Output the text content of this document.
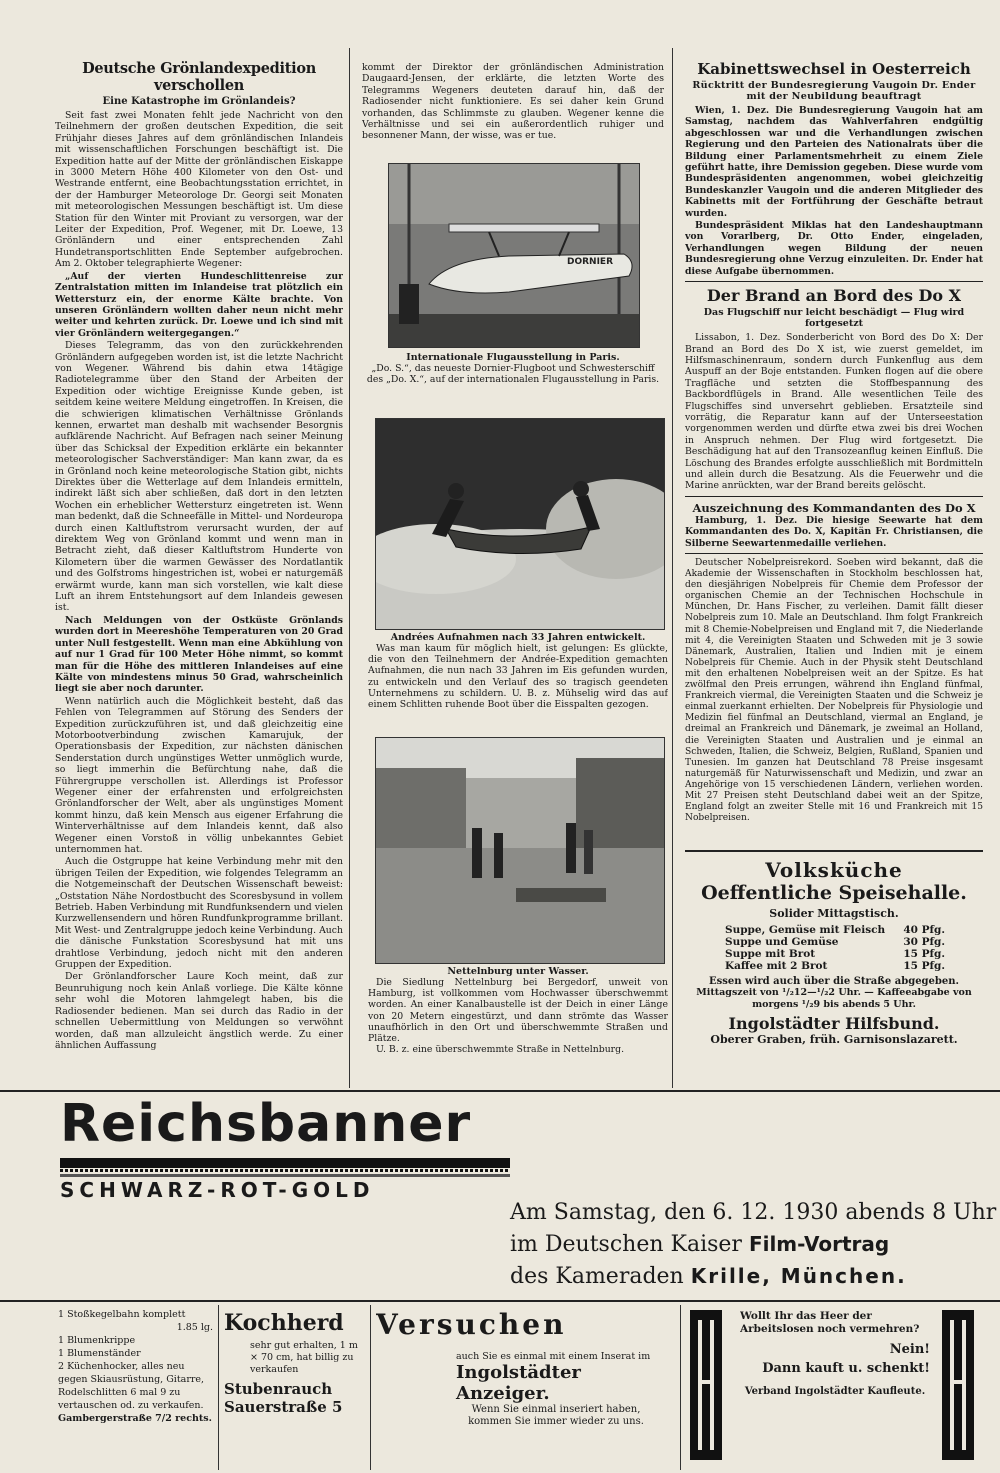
Deutsche Grönlandexpedition verschollen
Eine Katastrophe im Grönlandeis?

Seit fast zwei Monaten fehlt jede Nachricht von den Teilnehmern der großen deutschen Expedition, die seit Frühjahr dieses Jahres auf dem grönländischen Inlandeis mit wissenschaftlichen Forschungen beschäftigt ist. Die Expedition hatte auf der Mitte der grönländischen Eiskappe in 3000 Metern Höhe 400 Kilometer von den Ost- und Westrande entfernt, eine Beobachtungsstation errichtet, in der der Hamburger Meteorologe Dr. Georgi seit Monaten mit meteorologischen Messungen beschäftigt ist. Um diese Station für den Winter mit Proviant zu versorgen, war der Leiter der Expedition, Prof. Wegener, mit Dr. Loewe, 13 Grönländern und einer entsprechenden Zahl Hundetransportschlitten Ende September aufgebrochen. Am 2. Oktober telegraphierte Wegener:

„Auf der vierten Hundeschlittenreise zur Zentralstation mitten im Inlandeise trat plötzlich ein Wettersturz ein, der enorme Kälte brachte. Von unseren Grönländern wollten daher neun nicht mehr weiter und kehrten zurück. Dr. Loewe und ich sind mit vier Grönländern weitergegangen.“

Dieses Telegramm, das von den zurückkehrenden Grönländern aufgegeben worden ist, ist die letzte Nachricht von Wegener. Während bis dahin etwa 14tägige Radiotelegramme über den Stand der Arbeiten der Expedition oder wichtige Ereignisse Kunde geben, ist seitdem keine weitere Meldung eingetroffen. In Kreisen, die die schwierigen klimatischen Verhältnisse Grönlands kennen, erwartet man deshalb mit wachsender Besorgnis aufklärende Nachricht. Auf Befragen nach seiner Meinung über das Schicksal der Expedition erklärte ein bekannter meteorologischer Sachverständiger: Man kann zwar, da es in Grönland noch keine meteorologische Station gibt, nichts Direktes über die Wetterlage auf dem Inlandeis ermitteln, indirekt läßt sich aber schließen, daß dort in den letzten Wochen ein erheblicher Wettersturz eingetreten ist. Wenn man bedenkt, daß die Schneefälle in Mittel- und Nordeuropa durch einen Kaltluftstrom verursacht wurden, der auf direktem Weg von Grönland kommt und wenn man in Betracht zieht, daß dieser Kaltluftstrom Hunderte von Kilometern über die warmen Gewässer des Nordatlantik und des Golfstroms hingestrichen ist, wobei er naturgemäß erwärmt wurde, kann man sich vorstellen, wie kalt diese Luft an ihrem Entstehungsort auf dem Inlandeis gewesen ist.

Nach Meldungen von der Ostküste Grönlands wurden dort in Meereshöhe Temperaturen von 20 Grad unter Null festgestellt. Wenn man eine Abkühlung von auf nur 1 Grad für 100 Meter Höhe nimmt, so kommt man für die Höhe des mittleren Inlandeises auf eine Kälte von mindestens minus 50 Grad, wahrscheinlich liegt sie aber noch darunter.

Wenn natürlich auch die Möglichkeit besteht, daß das Fehlen von Telegrammen auf Störung des Senders der Expedition zurückzuführen ist, und daß gleichzeitig eine Motorbootverbindung zwischen Kamarujuk, der Operationsbasis der Expedition, zur nächsten dänischen Senderstation durch ungünstiges Wetter unmöglich wurde, so liegt immerhin die Befürchtung nahe, daß die Führergruppe verschollen ist. Allerdings ist Professor Wegener einer der erfahrensten und erfolgreichsten Grönlandforscher der Welt, aber als ungünstiges Moment kommt hinzu, daß kein Mensch aus eigener Erfahrung die Winterverhältnisse auf dem Inlandeis kennt, daß also Wegener einen Vorstoß in völlig unbekanntes Gebiet unternommen hat.

Auch die Ostgruppe hat keine Verbindung mehr mit den übrigen Teilen der Expedition, wie folgendes Telegramm an die Notgemeinschaft der Deutschen Wissenschaft beweist: „Oststation Nähe Nordostbucht des Scoresbysund in vollem Betrieb. Haben Verbindung mit Rundfunksendern und vielen Kurzwellensendern und hören Rundfunkprogramme brillant. Mit West- und Zentralgruppe jedoch keine Verbindung. Auch die dänische Funkstation Scoresbysund hat mit uns drahtlose Verbindung, jedoch nicht mit den anderen Gruppen der Expedition.

Der Grönlandforscher Laure Koch meint, daß zur Beunruhigung noch kein Anlaß vorliege. Die Kälte könne sehr wohl die Motoren lahmgelegt haben, bis die Radiosender bedienen. Man sei durch das Radio in der schnellen Uebermittlung von Meldungen so verwöhnt worden, daß man allzuleicht ängstlich werde. Zu einer ähnlichen Auffassung

kommt der Direktor der grönländischen Administration Daugaard-Jensen, der erklärte, die letzten Worte des Telegramms Wegeners deuteten darauf hin, daß der Radiosender nicht funktioniere. Es sei daher kein Grund vorhanden, das Schlimmste zu glauben. Wegener kenne die Verhältnisse und sei ein außerordentlich ruhiger und besonnener Mann, der wisse, was er tue.

DORNIER
Internationale Flugausstellung in Paris.

„Do. S.“, das neueste Dornier-Flugboot und Schwesterschiff des „Do. X.“, auf der internationalen Flugausstellung in Paris.

Andrées Aufnahmen nach 33 Jahren entwickelt.

Was man kaum für möglich hielt, ist gelungen: Es glückte, die von den Teilnehmern der Andrée-Expedition gemachten Aufnahmen, die nun nach 33 Jahren im Eis gefunden wurden, zu entwickeln und den Verlauf des so tragisch geendeten Unternehmens zu schildern. U. B. z. Mühselig wird das auf einem Schlitten ruhende Boot über die Eisspalten gezogen.

Nettelnburg unter Wasser.

Die Siedlung Nettelnburg bei Bergedorf, unweit von Hamburg, ist vollkommen vom Hochwasser überschwemmt worden. An einer Kanalbaustelle ist der Deich in einer Länge von 20 Metern eingestürzt, und dann strömte das Wasser unaufhörlich in den Ort und überschwemmte Straßen und Plätze.

U. B. z. eine überschwemmte Straße in Nettelnburg.

Kabinettswechsel in Oesterreich
Rücktritt der Bundesregierung Vaugoin Dr. Ender mit der Neubildung beauftragt

Wien, 1. Dez. Die Bundesregierung Vaugoin hat am Samstag, nachdem das Wahlverfahren endgültig abgeschlossen war und die Verhandlungen zwischen Regierung und den Parteien des Nationalrats über die Bildung einer Parlamentsmehrheit zu einem Ziele geführt hatte, ihre Demission gegeben. Diese wurde vom Bundespräsidenten angenommen, wobei gleichzeitig Bundeskanzler Vaugoin und die anderen Mitglieder des Kabinetts mit der Fortführung der Geschäfte betraut wurden.

Bundespräsident Miklas hat den Landeshauptmann von Vorarlberg, Dr. Otto Ender, eingeladen, Verhandlungen wegen Bildung der neuen Bundesregierung ohne Verzug einzuleiten. Dr. Ender hat diese Aufgabe übernommen.

Der Brand an Bord des Do X
Das Flugschiff nur leicht beschädigt — Flug wird fortgesetzt

Lissabon, 1. Dez. Sonderbericht von Bord des Do X: Der Brand an Bord des Do X ist, wie zuerst gemeldet, im Hilfsmaschinenraum, sondern durch Funkenflug aus dem Auspuff an der Boje entstanden. Funken flogen auf die obere Tragfläche und setzten die Stoffbespannung des Backbordflügels in Brand. Alle wesentlichen Teile des Flugschiffes sind unversehrt geblieben. Ersatzteile sind vorrätig, die Reparatur kann auf der Unterseestation vorgenommen werden und dürfte etwa zwei bis drei Wochen in Anspruch nehmen. Der Flug wird fortgesetzt. Die Beschädigung hat auf den Transozeanflug keinen Einfluß. Die Löschung des Brandes erfolgte ausschließlich mit Bordmitteln und allein durch die Besatzung. Als die Feuerwehr und die Marine anrückten, war der Brand bereits gelöscht.

Auszeichnung des Kommandanten des Do X

Hamburg, 1. Dez. Die hiesige Seewarte hat dem Kommandanten des Do. X, Kapitän Fr. Christiansen, die Silberne Seewartenmedaille verliehen.

Deutscher Nobelpreisrekord. Soeben wird bekannt, daß die Akademie der Wissenschaften in Stockholm beschlossen hat, den diesjährigen Nobelpreis für Chemie dem Professor der organischen Chemie an der Technischen Hochschule in München, Dr. Hans Fischer, zu verleihen. Damit fällt dieser Nobelpreis zum 10. Male an Deutschland. Ihm folgt Frankreich mit 8 Chemie-Nobelpreisen und England mit 7, die Niederlande mit 4, die Vereinigten Staaten und Schweden mit je 3 sowie Dänemark, Australien, Italien und Indien mit je einem Nobelpreis für Chemie. Auch in der Physik steht Deutschland mit den erhaltenen Nobelpreisen weit an der Spitze. Es hat zwölfmal den Preis errungen, während ihn England fünfmal, Frankreich viermal, die Vereinigten Staaten und die Schweiz je einmal zuerkannt erhielten. Der Nobelpreis für Physiologie und Medizin fiel fünfmal an Deutschland, viermal an England, je dreimal an Frankreich und Dänemark, je zweimal an Holland, die Vereinigten Staaten und Australien und je einmal an Schweden, Italien, die Schweiz, Belgien, Rußland, Spanien und Tunesien. Im ganzen hat Deutschland 78 Preise insgesamt naturgemäß für Naturwissenschaft und Medizin, und zwar an Angehörige von 15 verschiedenen Ländern, verliehen worden. Mit 27 Preisen steht Deutschland dabei weit an der Spitze, England folgt an zweiter Stelle mit 16 und Frankreich mit 15 Nobelpreisen.

Volksküche
Oeffentliche Speisehalle.
Solider Mittagstisch.
Suppe, Gemüse mit Fleisch 40 Pfg.
Suppe und Gemüse	30 Pfg.
Suppe mit Brot	15 Pfg.
Kaffee mit 2 Brot	15 Pfg.
Essen wird auch über die Straße abgegeben.
Mittagszeit von ¹/₂12—¹/₂2 Uhr. — Kaffeeabgabe von morgens ¹/₂9 bis abends 5 Uhr.
Ingolstädter Hilfsbund.
Oberer Graben, früh. Garnisonslazarett.
Reichsbanner
SCHWARZ-ROT-GOLD
Am Samstag, den 6. 12. 1930 abends 8 Uhr
im Deutschen Kaiser Film-Vortrag
des Kameraden Krille, München.
1 Stoßkegelbahn komplett
1.85 lg.
1 Blumenkrippe
1 Blumenständer
2 Küchenhocker, alles neu
gegen Skiausrüstung, Gitarre, Rodelschlitten 6 mal 9 zu vertauschen od. zu verkaufen.
Gambergerstraße 7/2 rechts.
Kochherd
sehr gut erhalten, 1 m × 70 cm, hat billig zu verkaufen
Stubenrauch
Sauerstraße 5
Versuchen
auch Sie es einmal mit einem Inserat im
Ingolstädter Anzeiger.
Wenn Sie einmal inseriert haben, kommen Sie immer wieder zu uns.
Wollt Ihr das Heer der Arbeitslosen noch vermehren?
Nein!
Dann kauft u. schenkt!
Verband Ingolstädter Kaufleute.
